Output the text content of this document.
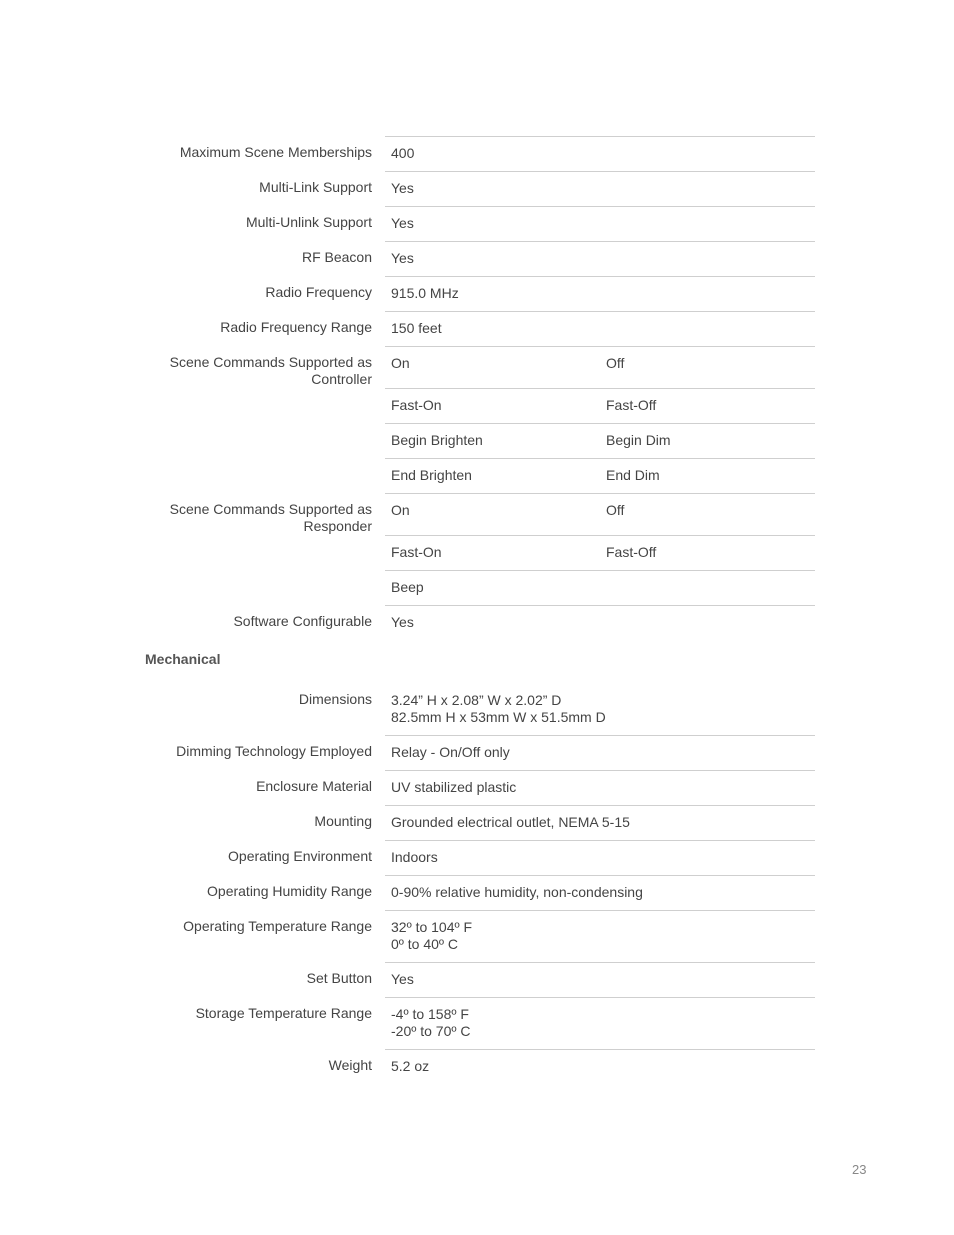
Maximum Scene Memberships	400
Multi-Link Support	Yes
Multi-Unlink Support	Yes
RF Beacon	Yes
Radio Frequency	915.0 MHz
Radio Frequency Range	150 feet
Scene Commands Supported as Controller
On	Off
Fast-On	Fast-Off
Begin Brighten	Begin Dim
End Brighten	End Dim
Scene Commands Supported as Responder
On	Off
Fast-On	Fast-Off
Beep
Software Configurable	Yes
Mechanical
Dimensions 3.24” H x 2.08” W x 2.02” D
82.5mm H x 53mm W x 51.5mm D
Dimming Technology Employed	Relay - On/Off only
Enclosure Material	UV stabilized plastic
Mounting	Grounded electrical outlet, NEMA 5-15
Operating Environment	Indoors
Operating Humidity Range	0-90% relative humidity, non-condensing
Operating Temperature Range 32º to 104º F
0º to 40º C
Set Button	Yes
Storage Temperature Range -4º to 158º F
-20º to 70º C
Weight	5.2 oz
23
